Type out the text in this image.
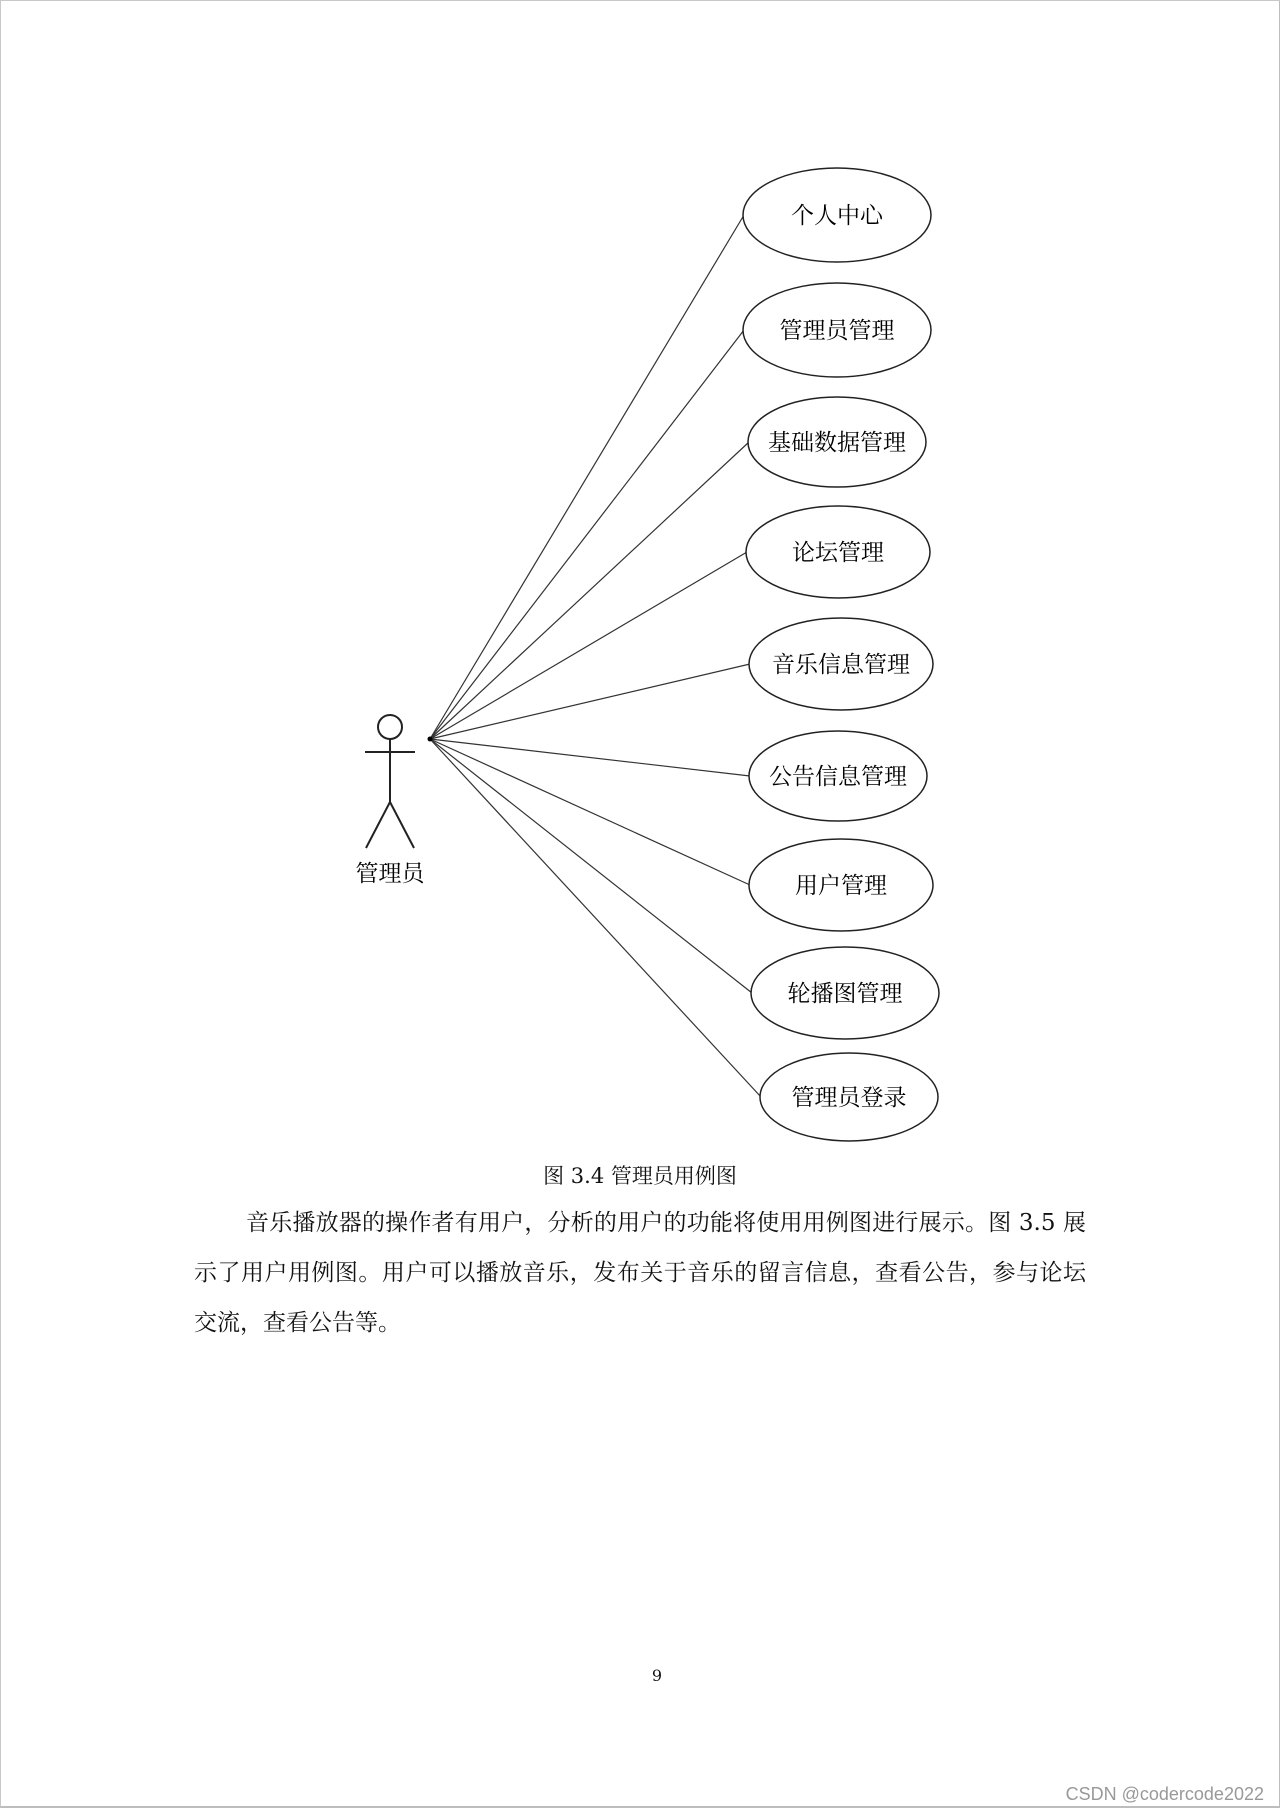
管理员
个人中心
管理员管理
基础数据管理
论坛管理
音乐信息管理
公告信息管理
用户管理
轮播图管理
管理员登录
图 3.4 管理员用例图

音乐播放器的操作者有用户，分析的用户的功能将使用用例图进行展示。图 3.5 展示了用户用例图。用户可以播放音乐，发布关于音乐的留言信息，查看公告，参与论坛交流，查看公告等。

9
CSDN @codercode2022
